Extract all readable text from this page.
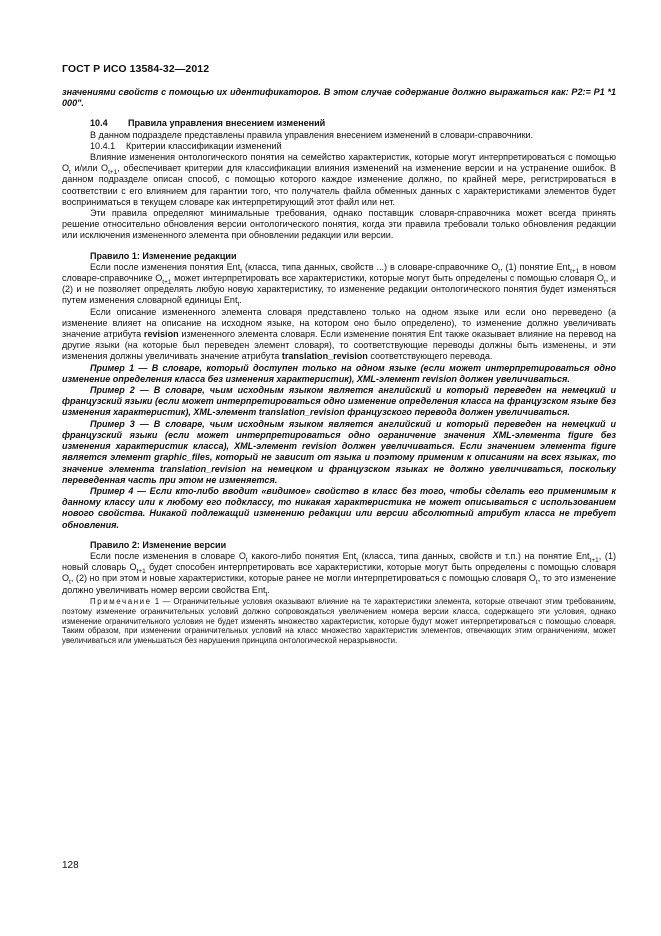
ГОСТ Р ИСО 13584-32—2012

значениями свойств с помощью их идентификаторов. В этом случае содержание должно выражаться как: P2:= P1 *1 000".

10.4 Правила управления внесением изменений

В данном подразделе представлены правила управления внесением изменений в словари-справочники.

10.4.1 Критерии классификации изменений

Влияние изменения онтологического понятия на семейство характеристик, которые могут интерпретироваться с помощью $O_t$ и/или $O_{t+1}$, обеспечивает критерии для классификации влияния изменений на изменение версии и на устранение ошибок. В данном подразделе описан способ, с помощью которого каждое изменение должно, по крайней мере, регистрироваться в соответствии с его влиянием для гарантии того, что получатель файла обменных данных с характеристиками элементов будет восприниматься в текущем словаре как интерпретирующий этот файл или нет.

Эти правила определяют минимальные требования, однако поставщик словаря-справочника может всегда принять решение относительно обновления версии онтологического понятия, когда эти правила требовали только обновления редакции или исключения измененного элемента при обновлении редакции или версии.

Правило 1: Изменение редакции

Если после изменения понятия Ent$_t$ (класса, типа данных, свойств ...) в словаре-справочнике $O_t$, (1) понятие Ent$_{t+1}$ в новом словаре-справочнике $O_{t+1}$ может интерпретировать все характеристики, которые могут быть определены с помощью словаря $O_t$, и (2) и не позволяет определять любую новую характеристику, то изменение редакции онтологического понятия будет изменяться путем изменения словарной единицы Ent$_t$.

Если описание измененного элемента словаря представлено только на одном языке или если оно переведено (а изменение влияет на описание на исходном языке, на котором оно было определено), то изменение должно увеличивать значение атрибута revision измененного элемента словаря. Если изменение понятия Ent также оказывает влияние на перевод на другие языки (на которые был переведен элемент словаря), то соответствующие переводы должны быть изменены, и эти изменения должны увеличивать значение атрибута translation_revision соответствующего перевода.

Пример 1 — В словаре, который доступен только на одном языке (если может интерпретироваться одно изменение определения класса без изменения характеристик), XML-элемент revision должен увеличиваться.

Пример 2 — В словаре, чьим исходным языком является английский и который переведен на немецкий и французский языки (если может интерпретироваться одно изменение определения класса на французском языке без изменения характеристик), XML-элемент translation_revision французского перевода должен увеличиваться.

Пример 3 — В словаре, чьим исходным языком является английский и который переведен на немецкий и французский языки (если может интерпретироваться одно ограничение значения XML-элемента figure без изменения характеристик класса), XML-элемент revision должен увеличиваться. Если значением элемента figure является элемент graphic_files, который не зависит от языка и поэтому применим к описаниям на всех языках, то значение элемента translation_revision на немецком и французском языках не должно увеличиваться, поскольку переведенная часть при этом не изменяется.

Пример 4 — Если кто-либо вводит «видимое» свойство в класс без того, чтобы сделать его применимым к данному классу или к любому его подклассу, то никакая характеристика не может описываться с использованием нового свойства. Никакой подлежащий изменению редакции или версии абсолютный атрибут класса не требует обновления.

Правило 2: Изменение версии

Если после изменения в словаре $O_t$ какого-либо понятия Ent$_t$ (класса, типа данных, свойств и т.п.) на понятие Ent$_{t+1}$, (1) новый словарь $O_{t+1}$ будет способен интерпретировать все характеристики, которые могут быть определены с помощью словаря $O_t$, (2) но при этом и новые характеристики, которые ранее не могли интерпретироваться с помощью словаря $O_t$, то это изменение должно увеличивать номер версии свойства Ent$_t$.

Примечание 1 — Ограничительные условия оказывают влияние на те характеристики элемента, которые отвечают этим требованиям, поэтому изменение ограничительных условий должно сопровождаться увеличением номера версии класса, содержащего эти условия, однако изменение ограничительного условия не будет изменять множество характеристик, которые будут может интерпретироваться с помощью словаря. Таким образом, при изменении ограничительных условий на класс множество характеристик элементов, отвечающих этим ограничениям, может увеличиваться или уменьшаться без нарушения принципа онтологической неразрывности.

128
